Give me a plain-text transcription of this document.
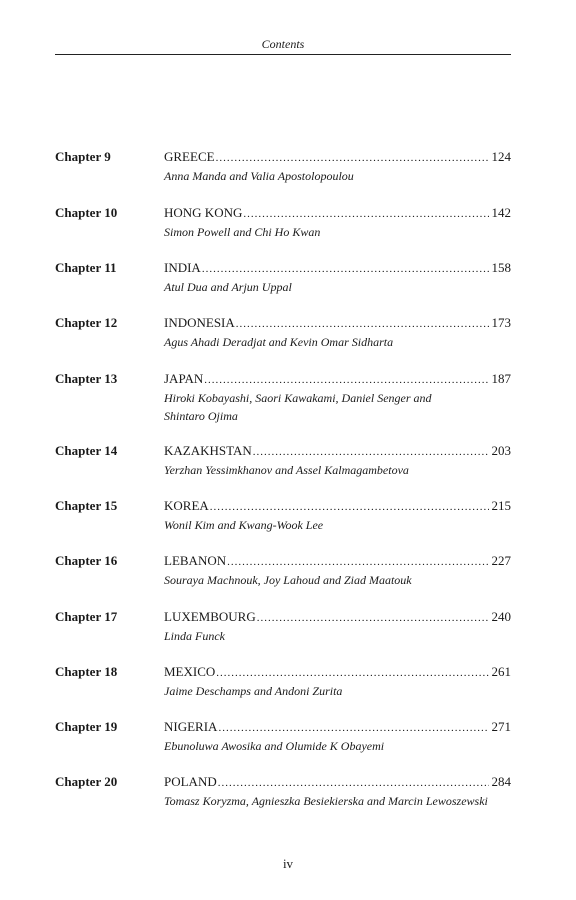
Contents
Chapter 9	GREECE .....	124
Anna Manda and Valia Apostolopoulou
Chapter 10	HONG KONG .....	142
Simon Powell and Chi Ho Kwan
Chapter 11	INDIA .....	158
Atul Dua and Arjun Uppal
Chapter 12	INDONESIA .....	173
Agus Ahadi Deradjat and Kevin Omar Sidharta
Chapter 13	JAPAN .....	187
Hiroki Kobayashi, Saori Kawakami, Daniel Senger and Shintaro Ojima
Chapter 14	KAZAKHSTAN .....	203
Yerzhan Yessimkhanov and Assel Kalmagambetova
Chapter 15	KOREA .....	215
Wonil Kim and Kwang-Wook Lee
Chapter 16	LEBANON .....	227
Souraya Machnouk, Joy Lahoud and Ziad Maatouk
Chapter 17	LUXEMBOURG .....	240
Linda Funck
Chapter 18	MEXICO .....	261
Jaime Deschamps and Andoni Zurita
Chapter 19	NIGERIA .....	271
Ebunoluwa Awosika and Olumide K Obayemi
Chapter 20	POLAND .....	284
Tomasz Koryzma, Agnieszka Besiekierska and Marcin Lewoszewski
iv
